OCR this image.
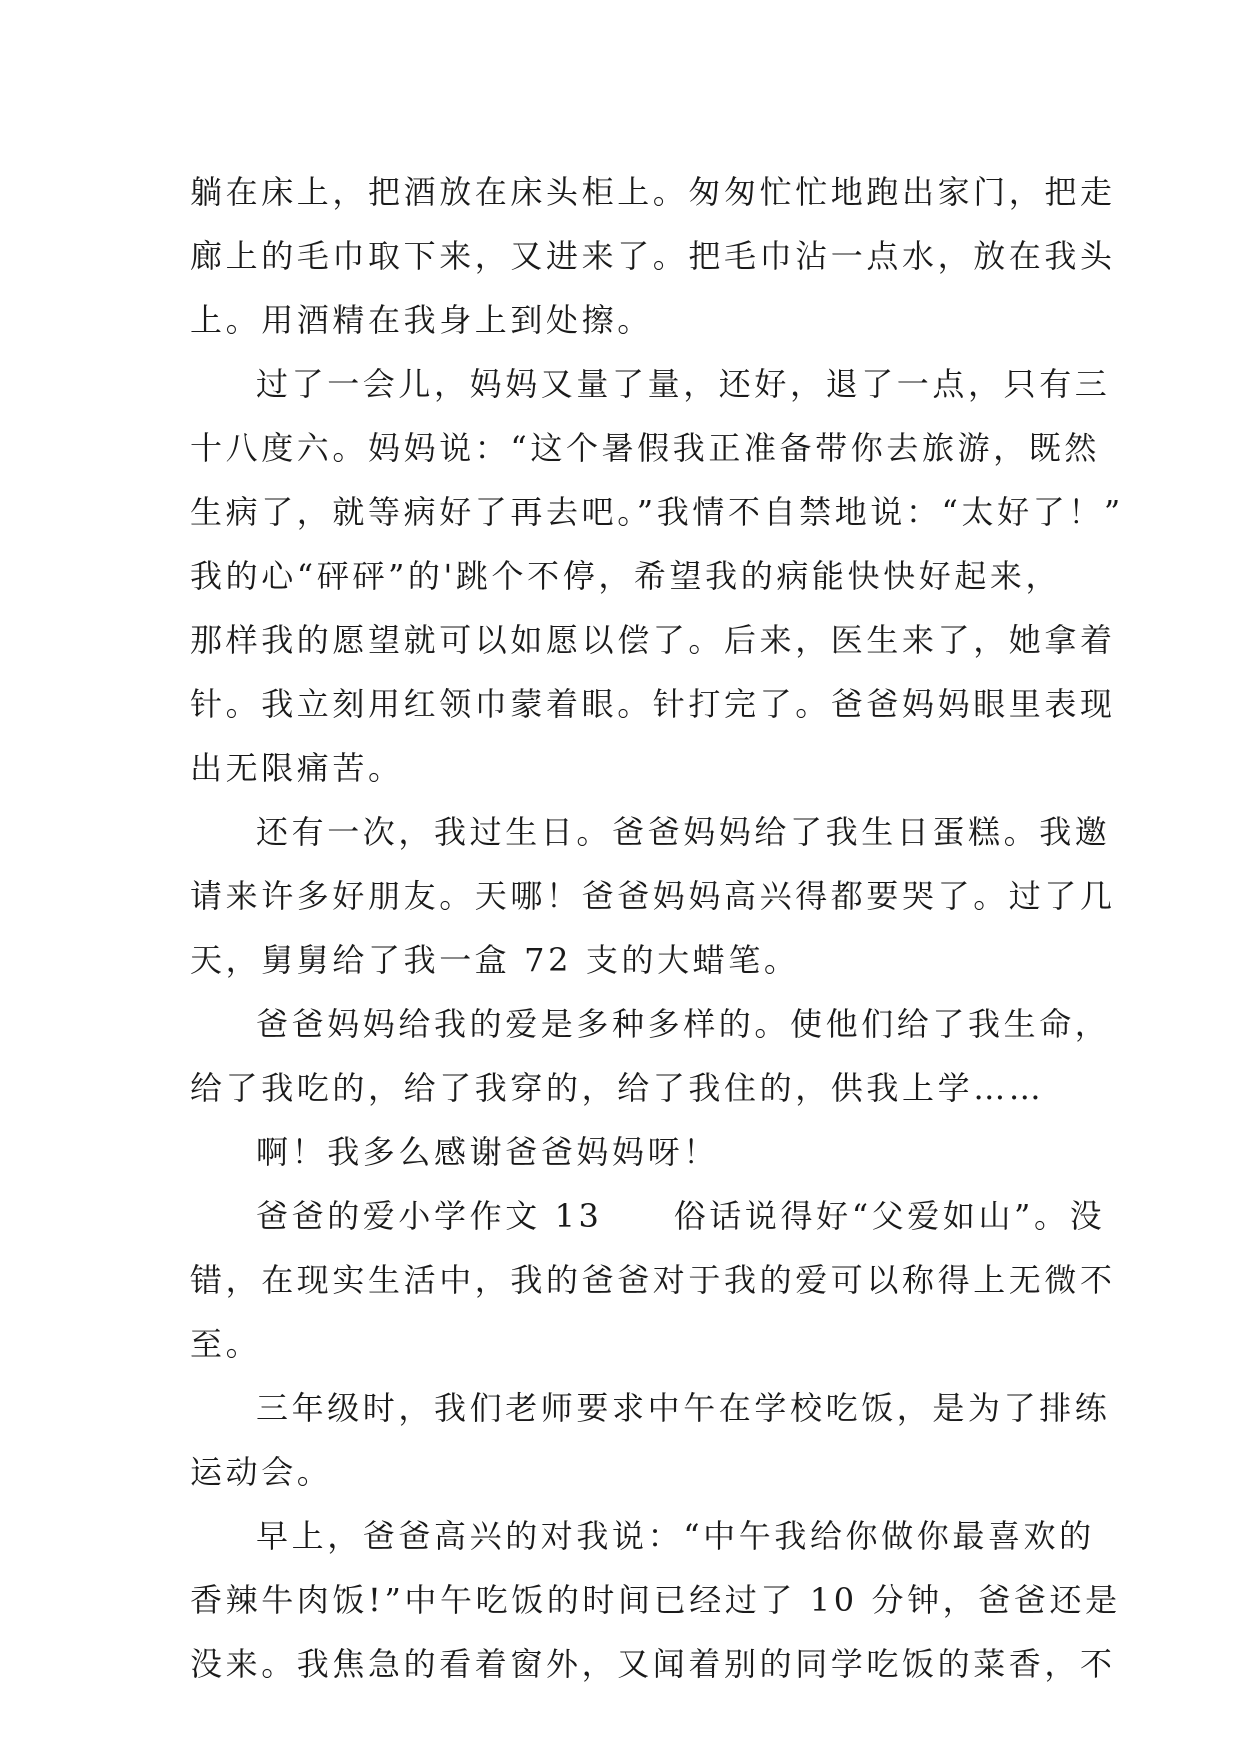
躺在床上，把酒放在床头柜上。匆匆忙忙地跑出家门，把走
廊上的毛巾取下来，又进来了。把毛巾沾一点水，放在我头
上。用酒精在我身上到处擦。
过了一会儿，妈妈又量了量，还好，退了一点，只有三
十八度六。妈妈说：“这个暑假我正准备带你去旅游，既然
生病了，就等病好了再去吧。”我情不自禁地说：“太好了！”
我的心“砰砰”的'跳个不停，希望我的病能快快好起来，
那样我的愿望就可以如愿以偿了。后来，医生来了，她拿着
针。我立刻用红领巾蒙着眼。针打完了。爸爸妈妈眼里表现
出无限痛苦。
还有一次，我过生日。爸爸妈妈给了我生日蛋糕。我邀
请来许多好朋友。天哪！爸爸妈妈高兴得都要哭了。过了几
天，舅舅给了我一盒 72 支的大蜡笔。
爸爸妈妈给我的爱是多种多样的。使他们给了我生命，
给了我吃的，给了我穿的，给了我住的，供我上学……
啊！我多么感谢爸爸妈妈呀！
爸爸的爱小学作文 13　　俗话说得好“父爱如山”。没
错，在现实生活中，我的爸爸对于我的爱可以称得上无微不
至。
三年级时，我们老师要求中午在学校吃饭，是为了排练
运动会。
早上，爸爸高兴的对我说：“中午我给你做你最喜欢的
香辣牛肉饭!”中午吃饭的时间已经过了 10 分钟，爸爸还是
没来。我焦急的看着窗外，又闻着别的同学吃饭的菜香，不
